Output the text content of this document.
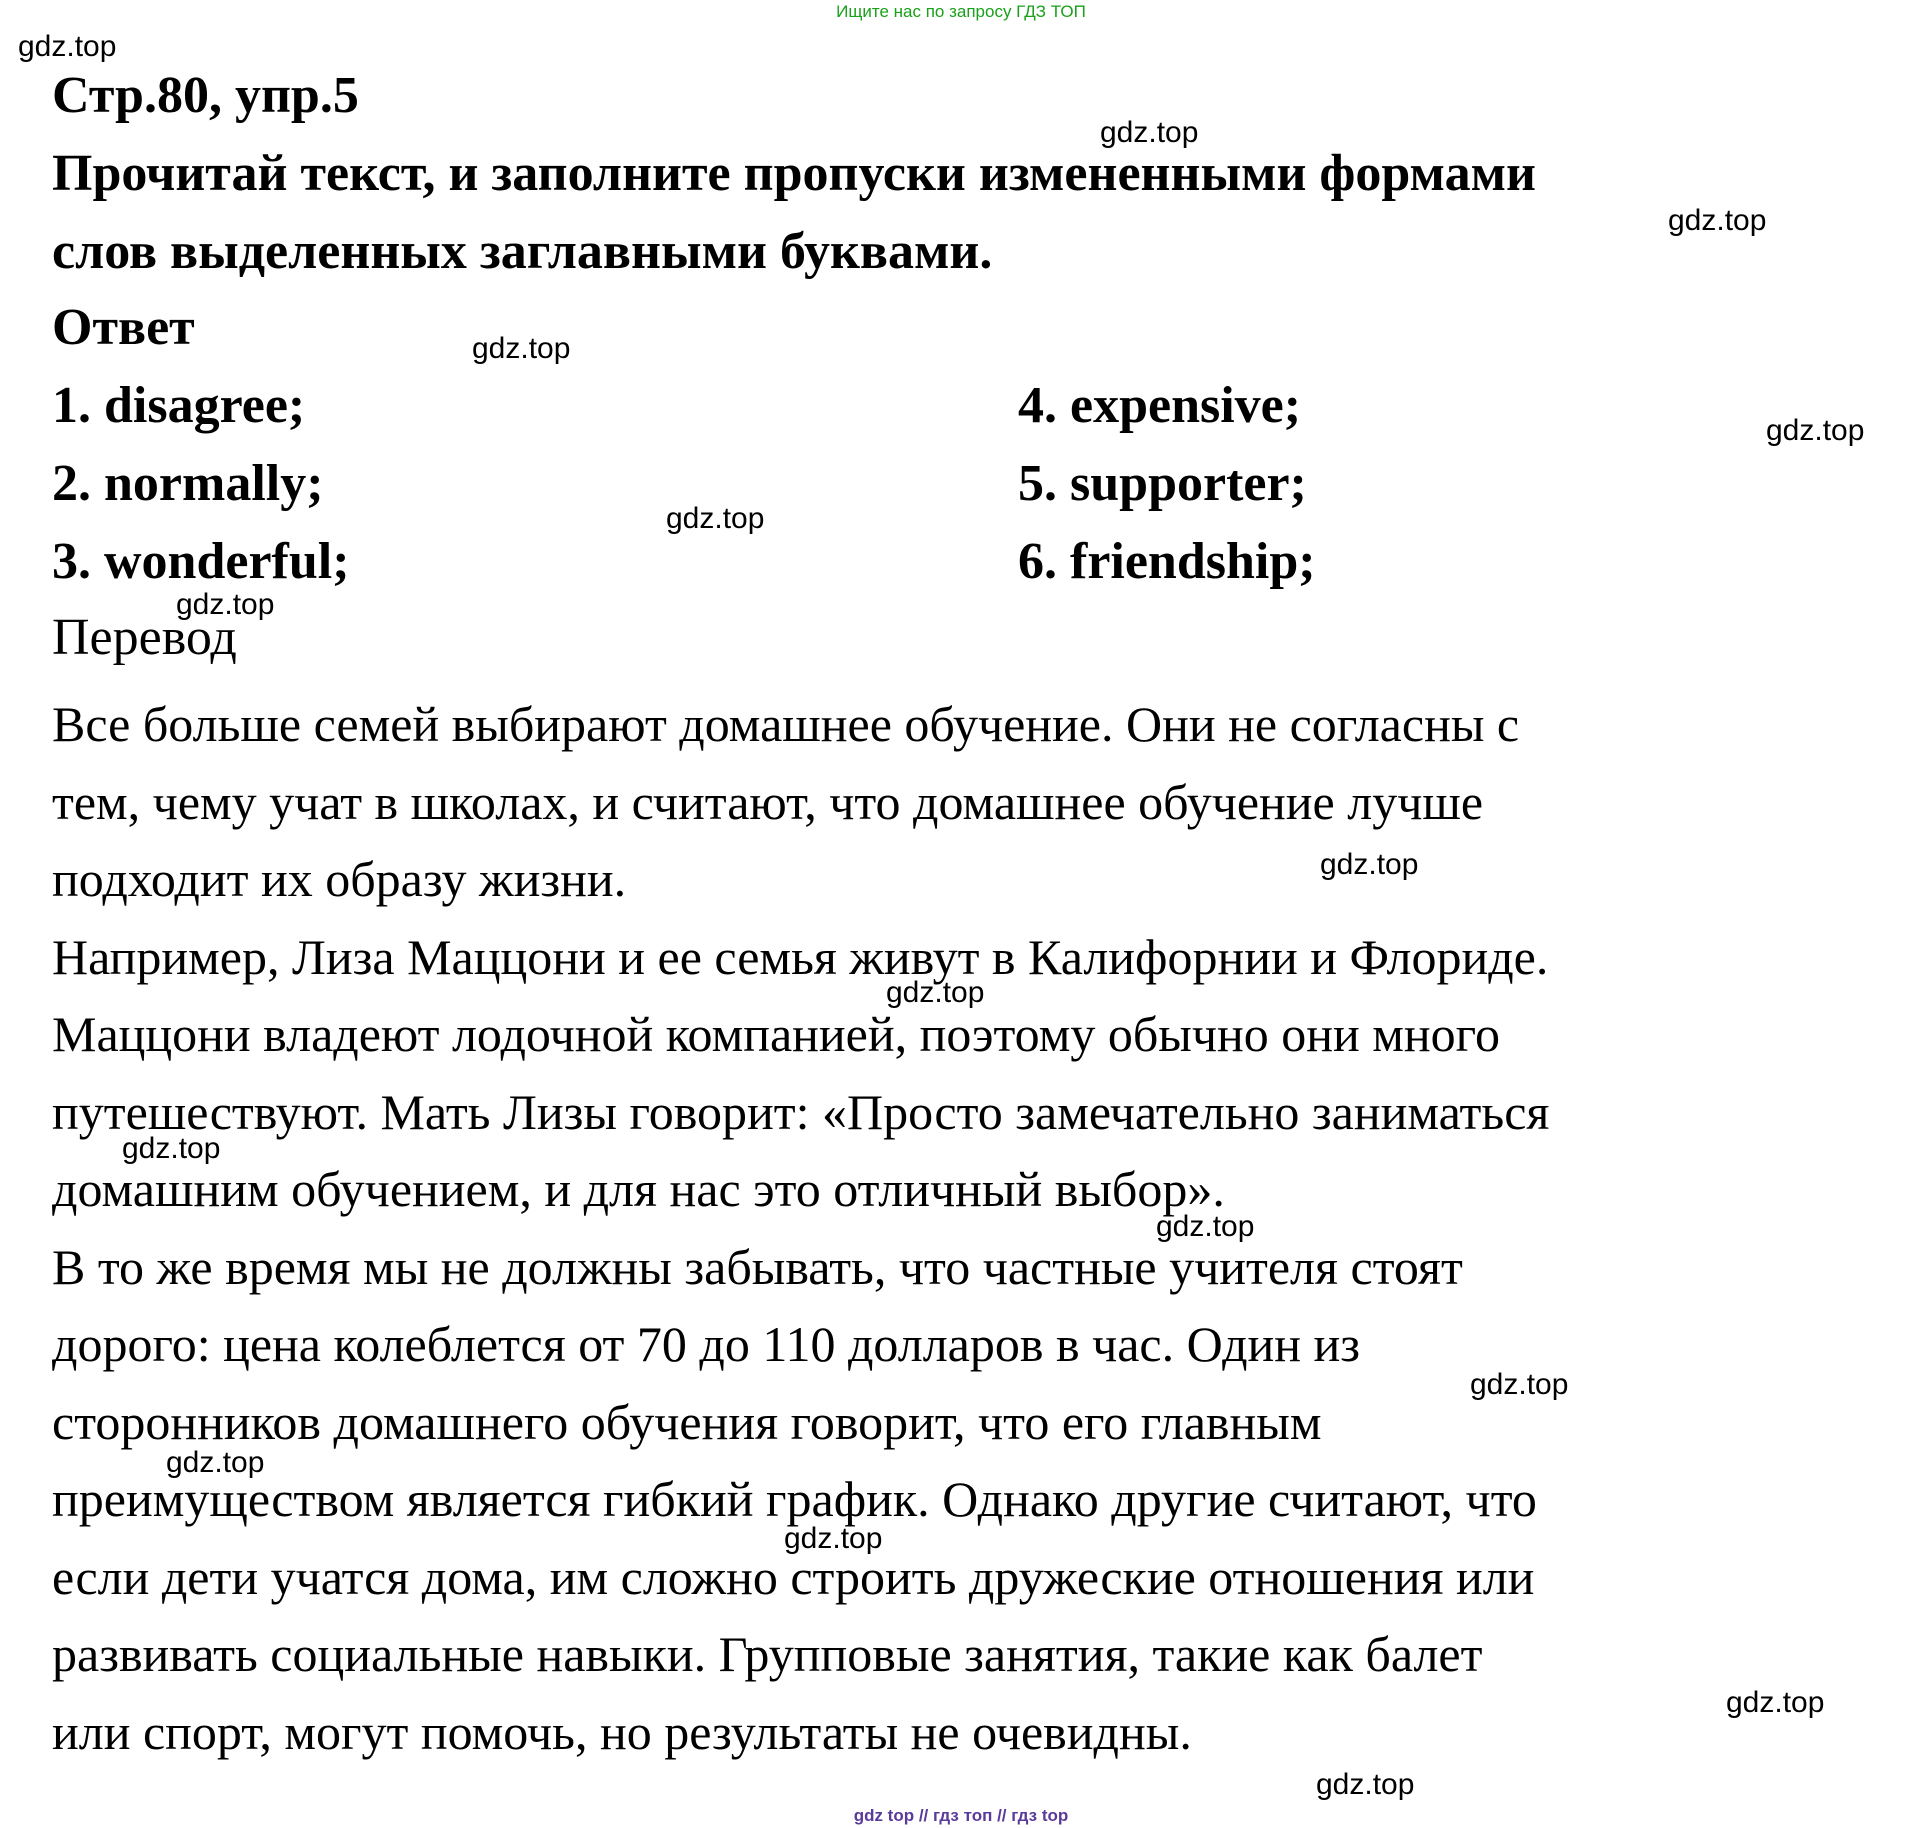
Ищите нас по запросу ГДЗ ТОП
gdz.top
gdz.top
gdz.top
gdz.top
gdz.top
gdz.top
gdz.top
gdz.top
gdz.top
gdz.top
gdz.top
gdz.top
gdz.top
gdz.top
gdz.top
gdz.top
Стр.80, упр.5
Прочитай текст, и заполните пропуски измененными формами
слов выделенных заглавными буквами.
Ответ
1. disagree;
2. normally;
3. wonderful;
4. expensive;
5. supporter;
6. friendship;
Перевод
Все больше семей выбирают домашнее обучение. Они не согласны с
тем, чему учат в школах, и считают, что домашнее обучение лучше
подходит их образу жизни.
Например, Лиза Маццони и ее семья живут в Калифорнии и Флориде.
Маццони владеют лодочной компанией, поэтому обычно они много
путешествуют. Мать Лизы говорит: «Просто замечательно заниматься
домашним обучением, и для нас это отличный выбор».
В то же время мы не должны забывать, что частные учителя стоят
дорого: цена колеблется от 70 до 110 долларов в час. Один из
сторонников домашнего обучения говорит, что его главным
преимуществом является гибкий график. Однако другие считают, что
если дети учатся дома, им сложно строить дружеские отношения или
развивать социальные навыки. Групповые занятия, такие как балет
или спорт, могут помочь, но результаты не очевидны.
gdz top // гдз топ // гдз top
